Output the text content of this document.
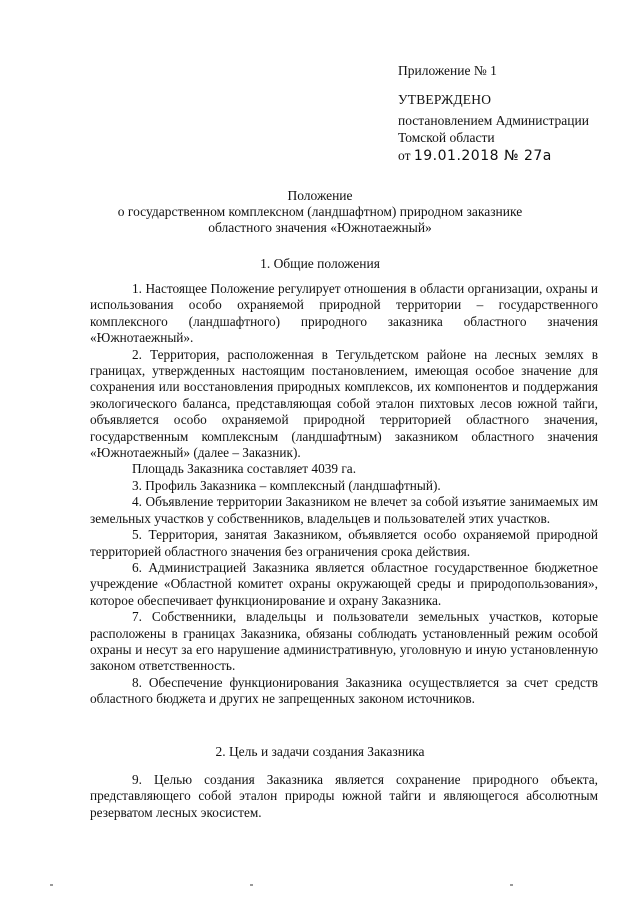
Приложение № 1

УТВЕРЖДЕНО

постановлением Администрации

Томской области

от 19.01.2018 № 27а

Положение

о государственном комплексном (ландшафтном) природном заказнике

областного значения «Южнотаежный»

1. Общие положения

1. Настоящее Положение регулирует отношения в области организации, охраны и использования особо охраняемой природной территории – государственного комплексного (ландшафтного) природного заказника областного значения «Южнотаежный».

2. Территория, расположенная в Тегульдетском районе на лесных землях в границах, утвержденных настоящим постановлением, имеющая особое значение для сохранения или восстановления природных комплексов, их компонентов и поддержания экологического баланса, представляющая собой эталон пихтовых лесов южной тайги, объявляется особо охраняемой природной территорией областного значения, государственным комплексным (ландшафтным) заказником областного значения «Южнотаежный» (далее – Заказник).

Площадь Заказника составляет 4039 га.

3. Профиль Заказника – комплексный (ландшафтный).

4. Объявление территории Заказником не влечет за собой изъятие занимаемых им земельных участков у собственников, владельцев и пользователей этих участков.

5. Территория, занятая Заказником, объявляется особо охраняемой природной территорией областного значения без ограничения срока действия.

6. Администрацией Заказника является областное государственное бюджетное учреждение «Областной комитет охраны окружающей среды и природопользования», которое обеспечивает функционирование и охрану Заказника.

7. Собственники, владельцы и пользователи земельных участков, которые расположены в границах Заказника, обязаны соблюдать установленный режим особой охраны и несут за его нарушение административную, уголовную и иную установленную законом ответственность.

8. Обеспечение функционирования Заказника осуществляется за счет средств областного бюджета и других не запрещенных законом источников.

2. Цель и задачи создания Заказника

9. Целью создания Заказника является сохранение природного объекта, представляющего собой эталон природы южной тайги и являющегося абсолютным резерватом лесных экосистем.
